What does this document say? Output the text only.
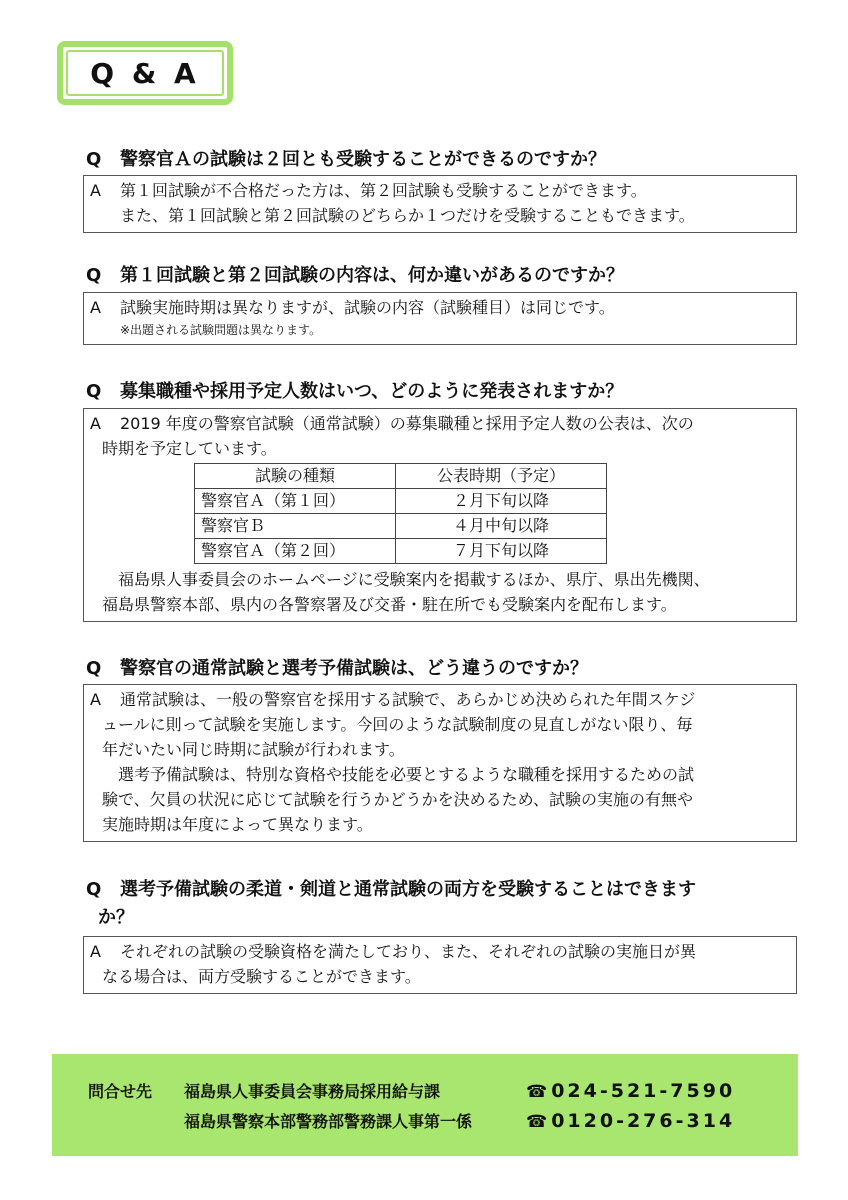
Q & A
Q 警察官Ａの試験は２回とも受験することができるのですか？
A 第１回試験が不合格だった方は、第２回試験も受験することができます。
また、第１回試験と第２回試験のどちらか１つだけを受験することもできます。
Q 第１回試験と第２回試験の内容は、何か違いがあるのですか？
A 試験実施時期は異なりますが、試験の内容（試験種目）は同じです。
※出題される試験問題は異なります。
Q 募集職種や採用予定人数はいつ、どのように発表されますか？
A 2019 年度の警察官試験（通常試験）の募集職種と採用予定人数の公表は、次の
時期を予定しています。
試験の種類	公表時期（予定）
警察官Ａ（第１回）	２月下旬以降
警察官Ｂ	４月中旬以降
警察官Ａ（第２回）	７月下旬以降
福島県人事委員会のホームページに受験案内を掲載するほか、県庁、県出先機関、
福島県警察本部、県内の各警察署及び交番・駐在所でも受験案内を配布します。
Q 警察官の通常試験と選考予備試験は、どう違うのですか？
A 通常試験は、一般の警察官を採用する試験で、あらかじめ決められた年間スケジ
ュールに則って試験を実施します。今回のような試験制度の見直しがない限り、毎
年だいたい同じ時期に試験が行われます。
選考予備試験は、特別な資格や技能を必要とするような職種を採用するための試
験で、欠員の状況に応じて試験を行うかどうかを決めるため、試験の実施の有無や
実施時期は年度によって異なります。
Q 選考予備試験の柔道・剣道と通常試験の両方を受験することはできます
か？
A それぞれの試験の受験資格を満たしており、また、それぞれの試験の実施日が異
なる場合は、両方受験することができます。
問合せ先 福島県人事委員会事務局採用給与課	☎ 024-521-7590
福島県警察本部警務部警務課人事第一係	☎ 0120-276-314
